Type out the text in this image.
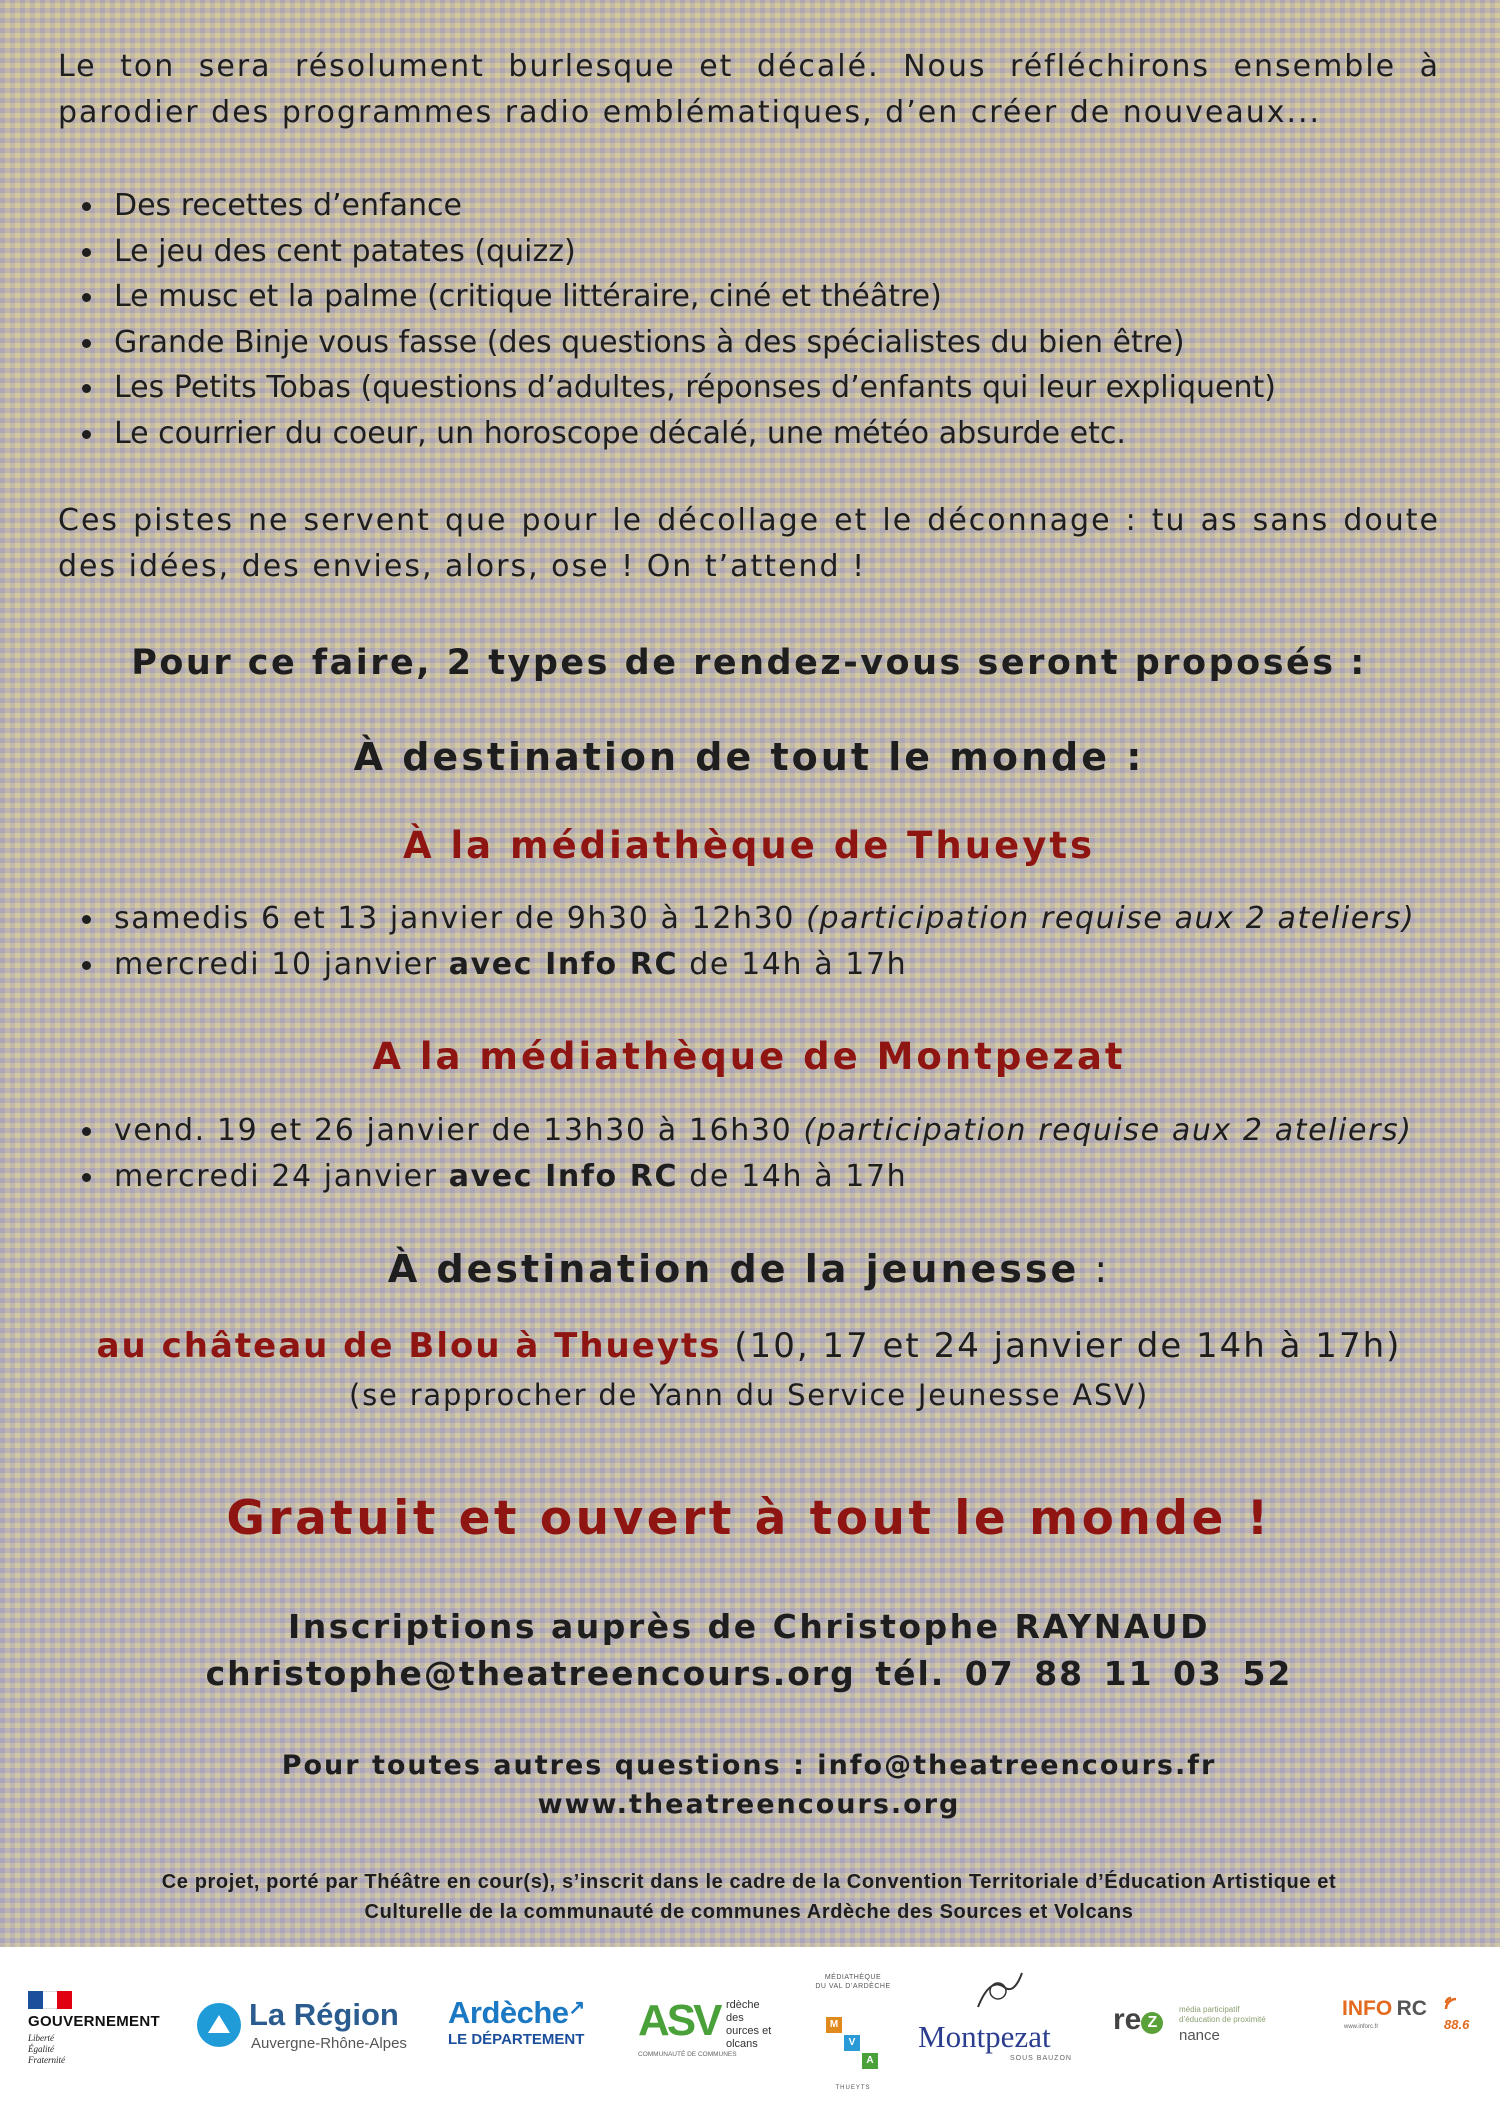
Le ton sera résolument burlesque et décalé. Nous réfléchirons ensemble à parodier des programmes radio emblématiques, d’en créer de nouveaux...

Des recettes d’enfance
Le jeu des cent patates (quizz)
Le musc et la palme (critique littéraire, ciné et théâtre)
Grande Binje vous fasse (des questions à des spécialistes du bien être)
Les Petits Tobas (questions d’adultes, réponses d’enfants qui leur expliquent)
Le courrier du coeur, un horoscope décalé, une météo absurde etc.

Ces pistes ne servent que pour le décollage et le déconnage : tu as sans doute des idées, des envies, alors, ose ! On t’attend !

Pour ce faire, 2 types de rendez-vous seront proposés :
À destination de tout le monde :
À la médiathèque de Thueyts
samedis 6 et 13 janvier de 9h30 à 12h30 (participation requise aux 2 ateliers)
mercredi 10 janvier avec Info RC de 14h à 17h
A la médiathèque de Montpezat
vend. 19 et 26 janvier de 13h30 à 16h30 (participation requise aux 2 ateliers)
mercredi 24 janvier avec Info RC de 14h à 17h
À destination de la jeunesse :
au château de Blou à Thueyts (10, 17 et 24 janvier de 14h à 17h)
(se rapprocher de Yann du Service Jeunesse ASV)
Gratuit et ouvert à tout le monde !
Inscriptions auprès de Christophe RAYNAUD
christophe@theatreencours.org tél. 07 88 11 03 52
Pour toutes autres questions : info@theatreencours.fr
www.theatreencours.org
Ce projet, porté par Théâtre en cour(s), s’inscrit dans le cadre de la Convention Territoriale d’Éducation Artistique et
Culturelle de la communauté de communes Ardèche des Sources et Volcans
GOUVERNEMENT
Liberté
Égalité
Fraternité
La Région
Auvergne-Rhône-Alpes
Ardèche↗
LE DÉPARTEMENT	ASV rdèche des
ources et
olcans
COMMUNAUTÉ DE COMMUNES
MÉDIATHÈQUE
DU VAL D’ARDÈCHE
M
V
A
THUEYTS
Montpezat
SOUS BAUZON
re Z
média participatif
d’éducation de proximité
nance
INFO RC
88.6
www.inforc.fr
